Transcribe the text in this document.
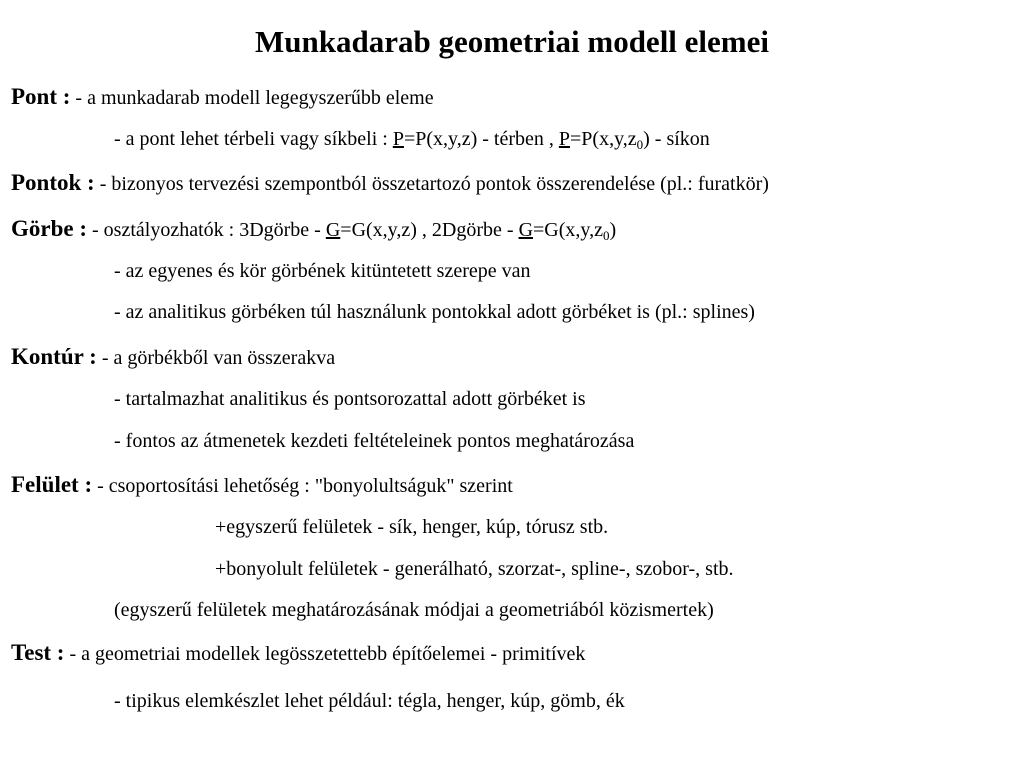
Munkadarab geometriai modell elemei
Pont : - a munkadarab modell legegyszerűbb eleme
- a pont lehet térbeli vagy síkbeli : P=P(x,y,z) - térben , $P=P(x,y,z_0)$ - síkon
Pontok : - bizonyos tervezési szempontból összetartozó pontok összerendelése (pl.: furatkör)
Görbe : - osztályozhatók : 3Dgörbe - G=G(x,y,z) , 2Dgörbe - $G=G(x,y,z_0)$
- az egyenes és kör görbének kitüntetett szerepe van
- az analitikus görbéken túl használunk pontokkal adott görbéket is (pl.: splines)
Kontúr : - a görbékből van összerakva
- tartalmazhat analitikus és pontsorozattal adott görbéket is
- fontos az átmenetek kezdeti feltételeinek pontos meghatározása
Felület : - csoportosítási lehetőség : "bonyolultságuk" szerint
+egyszerű felületek - sík, henger, kúp, tórusz stb.
+bonyolult felületek - generálható, szorzat-, spline-, szobor-, stb.
(egyszerű felületek meghatározásának módjai a geometriából közismertek)
Test : - a geometriai modellek legösszetettebb építőelemei - primitívek
- tipikus elemkészlet lehet például: tégla, henger, kúp, gömb, ék
